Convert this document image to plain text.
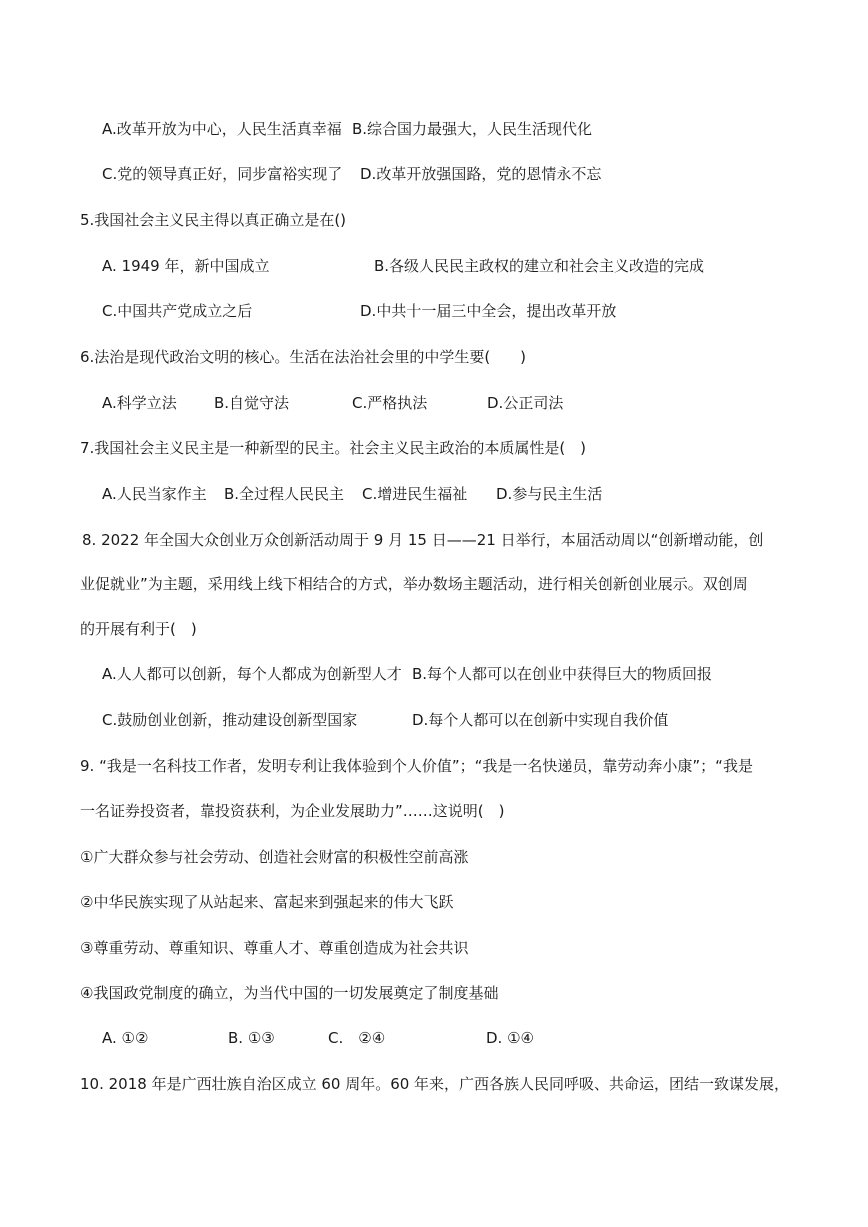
A.改革开放为中心，人民生活真幸福 B.综合国力最强大，人民生活现代化
C.党的领导真正好，同步富裕实现了 D.改革开放强国路，党的恩情永不忘
5.我国社会主义民主得以真正确立是在()
A. 1949 年，新中国成立	B.各级人民民主政权的建立和社会主义改造的完成
C.中国共产党成立之后	D.中共十一届三中全会，提出改革开放
6.法治是现代政治文明的核心。生活在法治社会里的中学生要(　　)
A.科学立法 B.自觉守法	C.严格执法	D.公正司法
7.我国社会主义民主是一种新型的民主。社会主义民主政治的本质属性是(　)
A.人民当家作主 B.全过程人民民主 C.增进民生福祉 D.参与民主生活
8. 2022 年全国大众创业万众创新活动周于 9 月 15 日——21 日举行，本届活动周以“创新增动能，创
业促就业”为主题，采用线上线下相结合的方式，举办数场主题活动，进行相关创新创业展示。双创周
的开展有利于(　)
A.人人都可以创新，每个人都成为创新型人才 B.每个人都可以在创业中获得巨大的物质回报
C.鼓励创业创新，推动建设创新型国家	D.每个人都可以在创新中实现自我价值
9. “我是一名科技工作者，发明专利让我体验到个人价值”；“我是一名快递员，靠劳动奔小康”；“我是
一名证券投资者，靠投资获利，为企业发展助力”……这说明(　)
①广大群众参与社会劳动、创造社会财富的积极性空前高涨
②中华民族实现了从站起来、富起来到强起来的伟大飞跃
③尊重劳动、尊重知识、尊重人才、尊重创造成为社会共识
④我国政党制度的确立，为当代中国的一切发展奠定了制度基础
A. ①②	B. ①③	C.　②④	D. ①④
10. 2018 年是广西壮族自治区成立 60 周年。60 年来，广西各族人民同呼吸、共命运，团结一致谋发展，
